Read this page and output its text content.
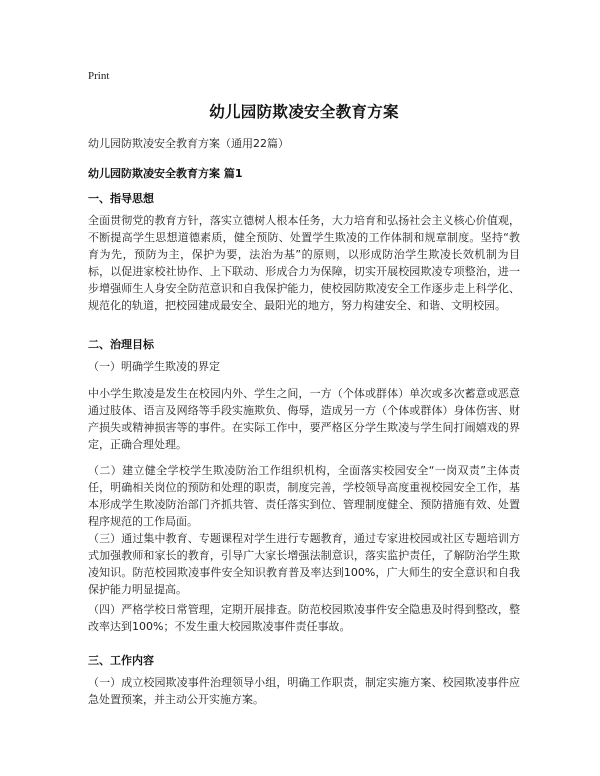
Print
幼儿园防欺凌安全教育方案
幼儿园防欺凌安全教育方案（通用22篇）
幼儿园防欺凌安全教育方案 篇1
一、指导思想
全面贯彻党的教育方针，落实立德树人根本任务，大力培育和弘扬社会主义核心价值观，不断提高学生思想道德素质，健全预防、处置学生欺凌的工作体制和规章制度。坚持“教育为先，预防为主，保护为要，法治为基”的原则，以形成防治学生欺凌长效机制为目标，以促进家校社协作、上下联动、形成合力为保障，切实开展校园欺凌专项整治，进一步增强师生人身安全防范意识和自我保护能力，使校园防欺凌安全工作逐步走上科学化、规范化的轨道，把校园建成最安全、最阳光的地方，努力构建安全、和谐、文明校园。
二、治理目标
（一）明确学生欺凌的界定
中小学生欺凌是发生在校园内外、学生之间，一方（个体或群体）单次或多次蓄意或恶意通过肢体、语言及网络等手段实施欺负、侮辱，造成另一方（个体或群体）身体伤害、财产损失或精神损害等的事件。在实际工作中，要严格区分学生欺凌与学生间打闹嬉戏的界定，正确合理处理。
（二）建立健全学校学生欺凌防治工作组织机构，全面落实校园安全“一岗双责”主体责任，明确相关岗位的预防和处理的职责，制度完善，学校领导高度重视校园安全工作，基本形成学生欺凌防治部门齐抓共管、责任落实到位、管理制度健全、预防措施有效、处置程序规范的工作局面。
（三）通过集中教育、专题课程对学生进行专题教育，通过专家进校园或社区专题培训方式加强教师和家长的教育，引导广大家长增强法制意识，落实监护责任，了解防治学生欺凌知识。防范校园欺凌事件安全知识教育普及率达到100%，广大师生的安全意识和自我保护能力明显提高。
（四）严格学校日常管理，定期开展排查。防范校园欺凌事件安全隐患及时得到整改，整改率达到100%；不发生重大校园欺凌事件责任事故。
三、工作内容
（一）成立校园欺凌事件治理领导小组，明确工作职责，制定实施方案、校园欺凌事件应急处置预案，并主动公开实施方案。
